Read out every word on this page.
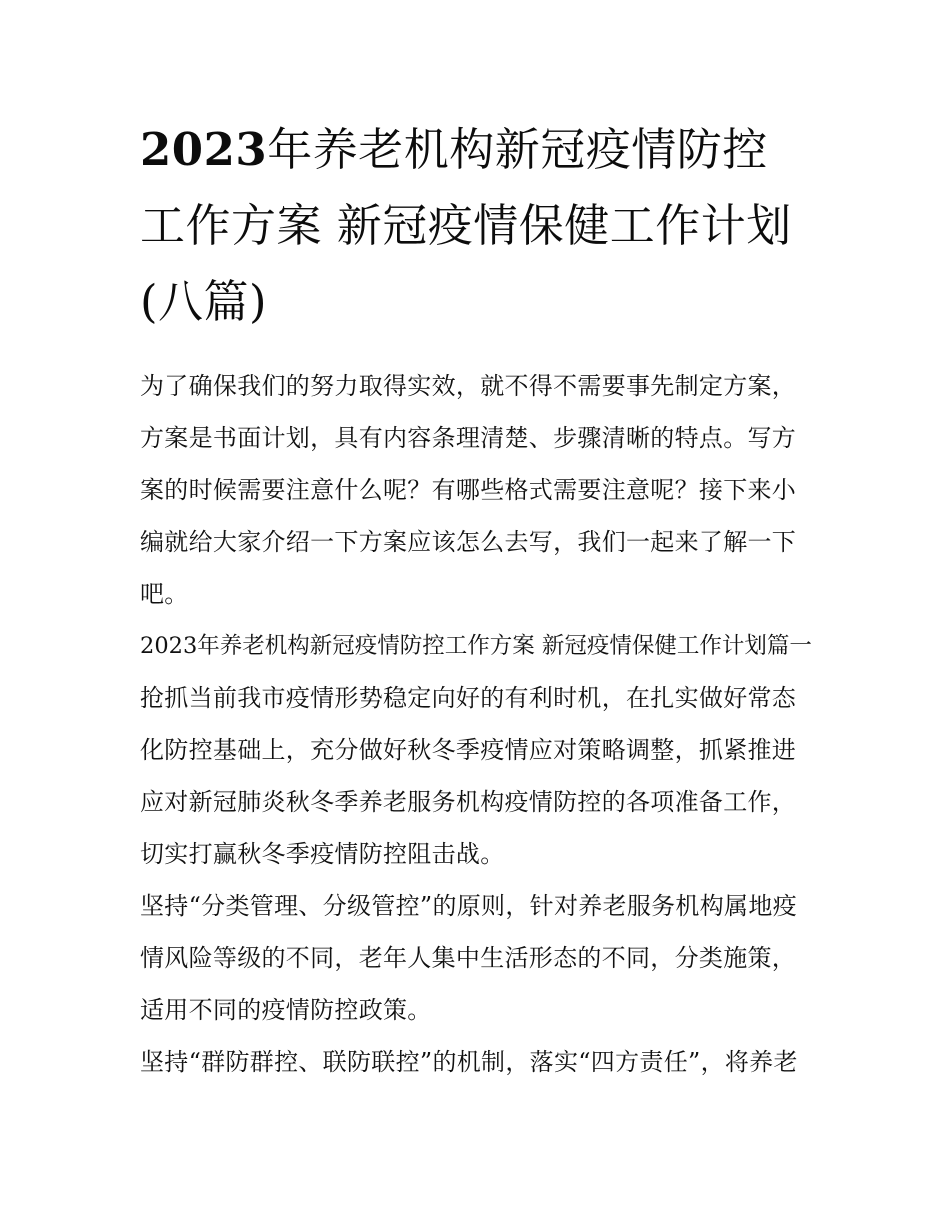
2023年养老机构新冠疫情防控工作方案 新冠疫情保健工作计划(八篇)

为了确保我们的努力取得实效，就不得不需要事先制定方案，方案是书面计划，具有内容条理清楚、步骤清晰的特点。写方案的时候需要注意什么呢？有哪些格式需要注意呢？接下来小编就给大家介绍一下方案应该怎么去写，我们一起来了解一下吧。

2023年养老机构新冠疫情防控工作方案 新冠疫情保健工作计划篇一

抢抓当前我市疫情形势稳定向好的有利时机，在扎实做好常态化防控基础上，充分做好秋冬季疫情应对策略调整，抓紧推进应对新冠肺炎秋冬季养老服务机构疫情防控的各项准备工作，切实打赢秋冬季疫情防控阻击战。

坚持“分类管理、分级管控”的原则，针对养老服务机构属地疫情风险等级的不同，老年人集中生活形态的不同，分类施策，适用不同的疫情防控政策。

坚持“群防群控、联防联控”的机制，落实“四方责任”，将养老
